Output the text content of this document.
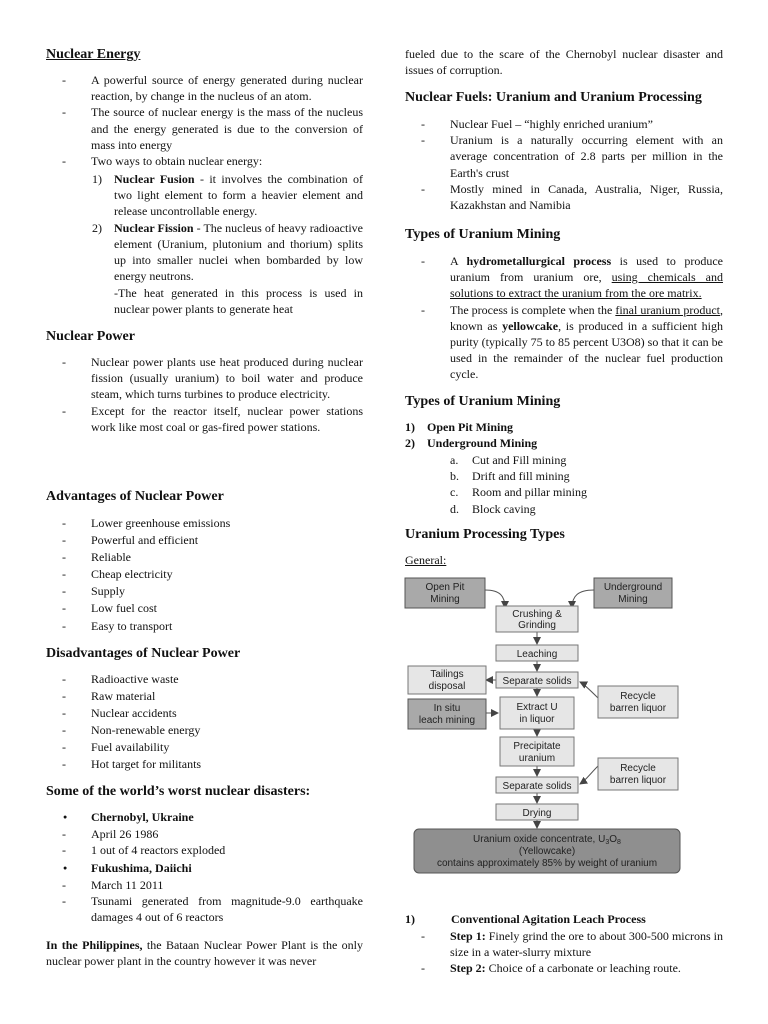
Nuclear Energy
- A powerful source of energy generated during nuclear reaction, by change in the nucleus of an atom.
- The source of nuclear energy is the mass of the nucleus and the energy generated is due to the conversion of mass into energy
- Two ways to obtain nuclear energy:
1) Nuclear Fusion - it involves the combination of two light element to form a heavier element and release uncontrollable energy.
2) Nuclear Fission - The nucleus of heavy radioactive element (Uranium, plutonium and thorium) splits up into smaller nuclei when bombarded by low energy neutrons.

-The heat generated in this process is used in nuclear power plants to generate heat

Nuclear Power
- Nuclear power plants use heat produced during nuclear fission (usually uranium) to boil water and produce steam, which turns turbines to produce electricity.
- Except for the reactor itself, nuclear power stations work like most coal or gas-fired power stations.
Advantages of Nuclear Power
- Lower greenhouse emissions
- Powerful and efficient
- Reliable
- Cheap electricity
- Supply
- Low fuel cost
- Easy to transport
Disadvantages of Nuclear Power
- Radioactive waste
- Raw material
- Nuclear accidents
- Non-renewable energy
- Fuel availability
- Hot target for militants
Some of the world’s worst nuclear disasters:
● Chernobyl, Ukraine
- April 26 1986
- 1 out of 4 reactors exploded
● Fukushima, Daiichi
- March 11 2011
- Tsunami generated from magnitude-9.0 earthquake damages 4 out of 6 reactors

In the Philippines, the Bataan Nuclear Power Plant is the only nuclear power plant in the country however it was never

fueled due to the scare of the Chernobyl nuclear disaster and issues of corruption.

Nuclear Fuels: Uranium and Uranium Processing
- Nuclear Fuel – “highly enriched uranium”
- Uranium is a naturally occurring element with an average concentration of 2.8 parts per million in the Earth's crust
- Mostly mined in Canada, Australia, Niger, Russia, Kazakhstan and Namibia
Types of Uranium Mining
- A hydrometallurgical process is used to produce uranium from uranium ore, using chemicals and solutions to extract the uranium from the ore matrix.
- The process is complete when the final uranium product, known as yellowcake, is produced in a sufficient high purity (typically 75 to 85 percent U3O8) so that it can be used in the remainder of the nuclear fuel production cycle.
Types of Uranium Mining
1) Open Pit Mining
2) Underground Mining
a. Cut and Fill mining
b. Drift and fill mining
c. Room and pillar mining
d. Block caving
Uranium Processing Types

General:

Open Pit
Mining
Underground
Mining
Crushing &
Grinding
Leaching
Tailings
disposal	Separate solids
In situ
leach mining
Extract U
in liquor
Recycle
barren liquor
Precipitate
uranium
Recycle
barren liquor
Separate solids
Drying
Uranium oxide concentrate, $U_3O_8$
(Yellowcake)
contains approximately 85% by weight of uranium
1)	Conventional Agitation Leach Process
- Step 1: Finely grind the ore to about 300-500 microns in size in a water-slurry mixture
- Step 2: Choice of a carbonate or leaching route.
